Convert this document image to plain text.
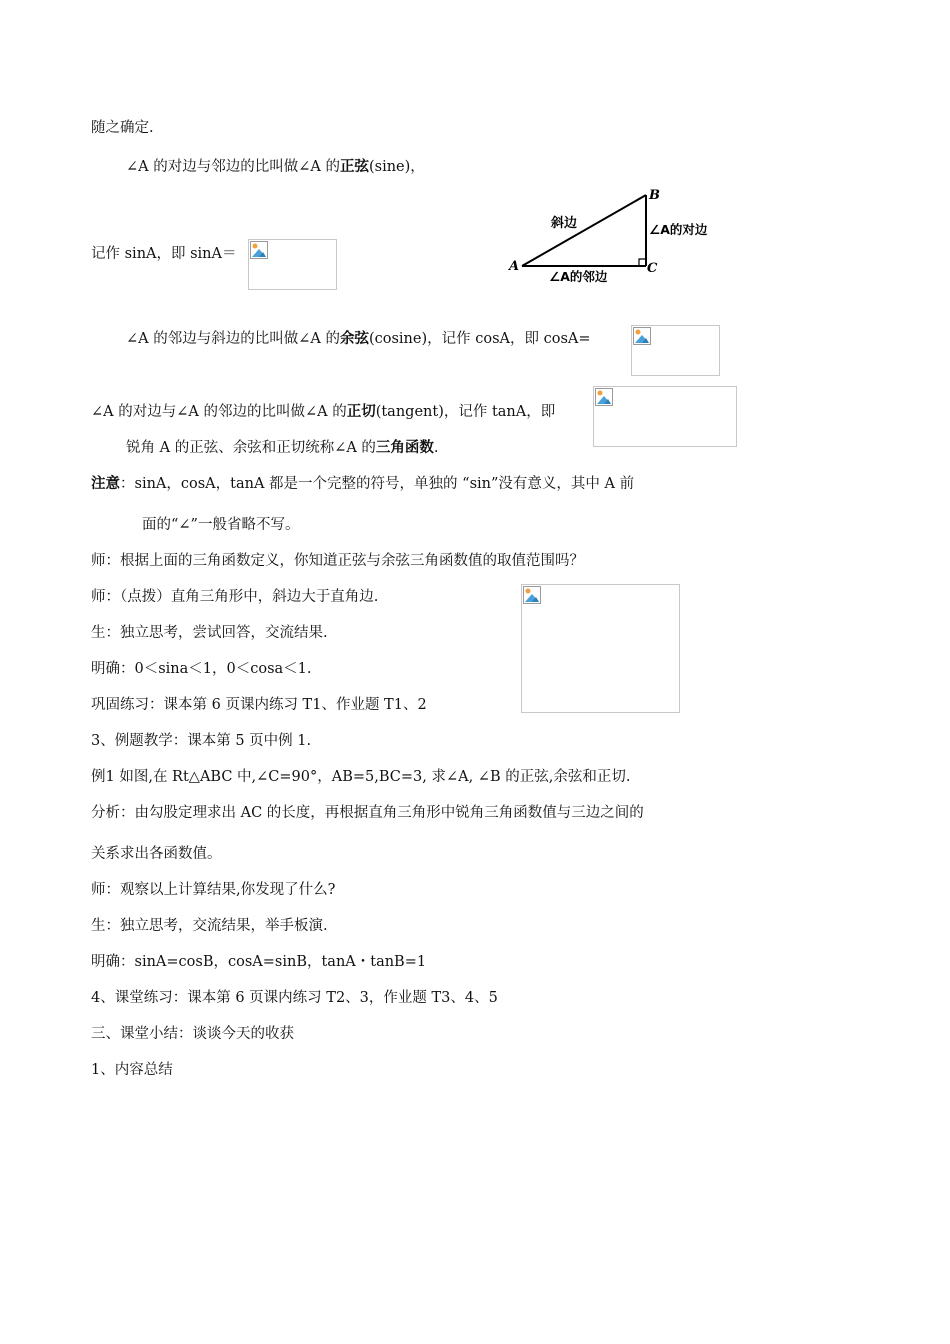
随之确定.
∠A 的对边与邻边的比叫做∠A 的正弦(sine)，
记作 sinA，即 sinA＝
A
B
C
斜边	∠A的对边
∠A的邻边
∠A 的邻边与斜边的比叫做∠A 的余弦(cosine)，记作 cosA，即 cosA=
∠A 的对边与∠A 的邻边的比叫做∠A 的正切(tangent)，记作 tanA，即
锐角 A 的正弦、余弦和正切统称∠A 的三角函数.
注意：sinA，cosA，tanA 都是一个完整的符号，单独的 “sin”没有意义，其中 A 前
面的“∠”一般省略不写。
师：根据上面的三角函数定义，你知道正弦与余弦三角函数值的取值范围吗？
师：（点拨）直角三角形中，斜边大于直角边.
生：独立思考，尝试回答，交流结果.
明确：0＜sina＜1，0＜cosa＜1.
巩固练习：课本第 6 页课内练习 T1、作业题 T1、2
3、例题教学：课本第 5 页中例 1.
例1 如图,在 Rt△ABC 中,∠C=90°，AB=5,BC=3, 求∠A, ∠B 的正弦,余弦和正切.
分析：由勾股定理求出 AC 的长度，再根据直角三角形中锐角三角函数值与三边之间的
关系求出各函数值。
师：观察以上计算结果,你发现了什么?
生：独立思考，交流结果，举手板演.
明确：sinA=cosB，cosA=sinB，tanA・tanB=1
4、课堂练习：课本第 6 页课内练习 T2、3，作业题 T3、4、5
三、课堂小结：谈谈今天的收获
1、内容总结
